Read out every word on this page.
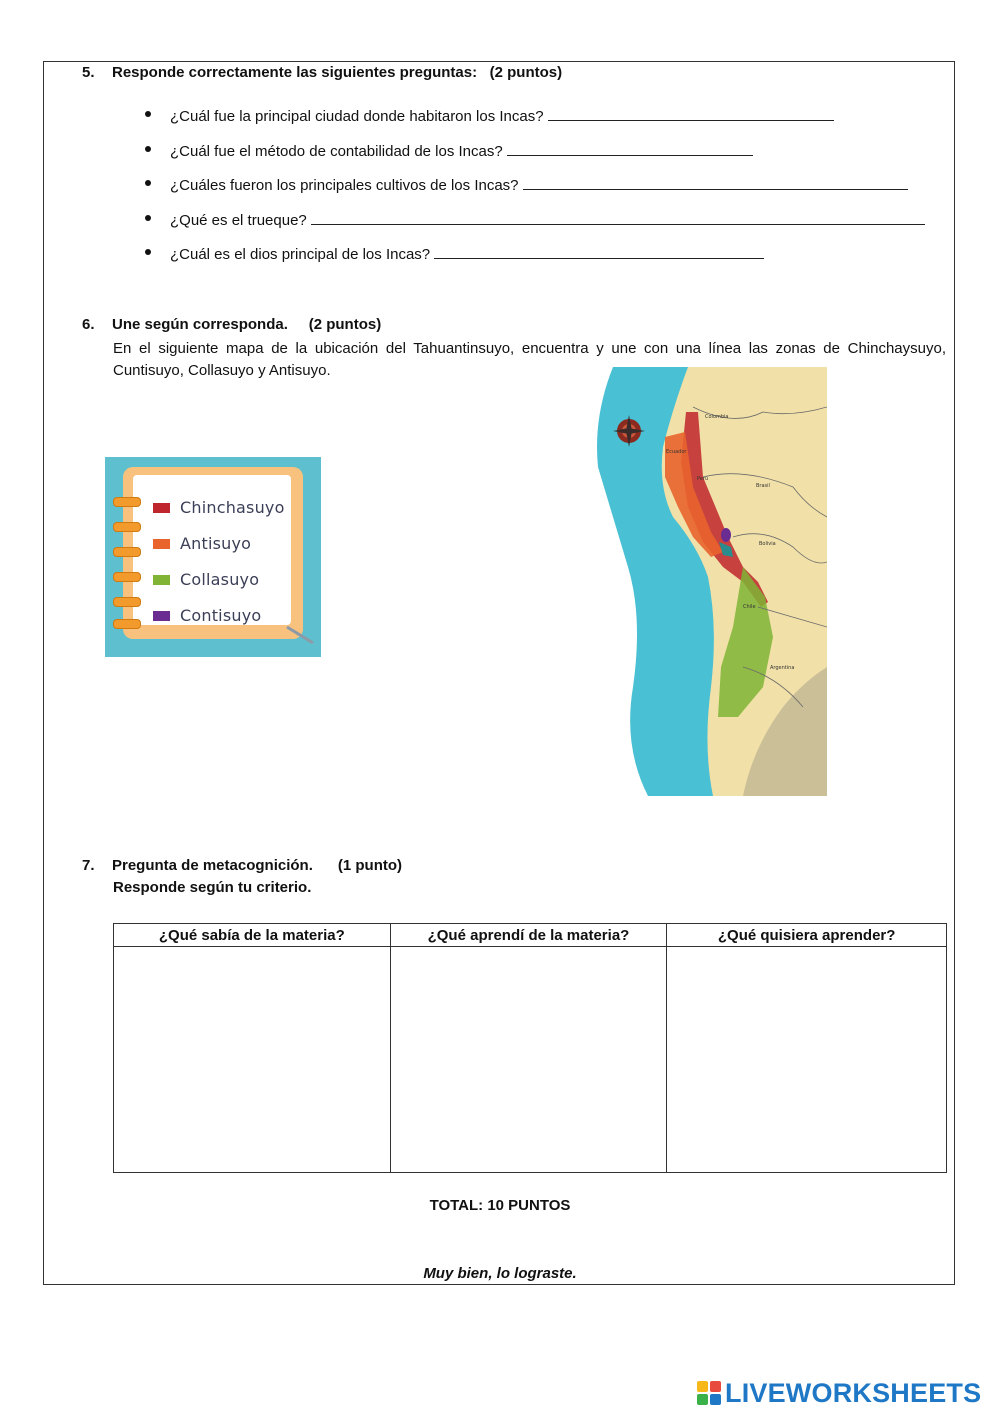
5. Responde correctamente las siguientes preguntas:   (2 puntos)
¿Cuál fue la principal ciudad donde habitaron los Incas?
¿Cuál fue el método de contabilidad de los Incas?
¿Cuáles fueron los principales cultivos de los Incas?
¿Qué es el trueque?
¿Cuál es el dios principal de los Incas?
6. Une según corresponda.     (2 puntos)
En el siguiente mapa de la ubicación del Tahuantinsuyo, encuentra y une con una línea las zonas de Chinchaysuyo, Cuntisuyo, Collasuyo y Antisuyo.
Chinchasuyo
Antisuyo
Collasuyo
Contisuyo
Colombia
Ecuador
Perú
Brasil
Bolivia
Chile
Argentina
7. Pregunta de metacognición.      (1 punto)
Responde según tu criterio.
¿Qué sabía de la materia?	¿Qué aprendí de la materia?	¿Qué quisiera aprender?

TOTAL: 10 PUNTOS
Muy bien, lo lograste.
LIVEWORKSHEETS
